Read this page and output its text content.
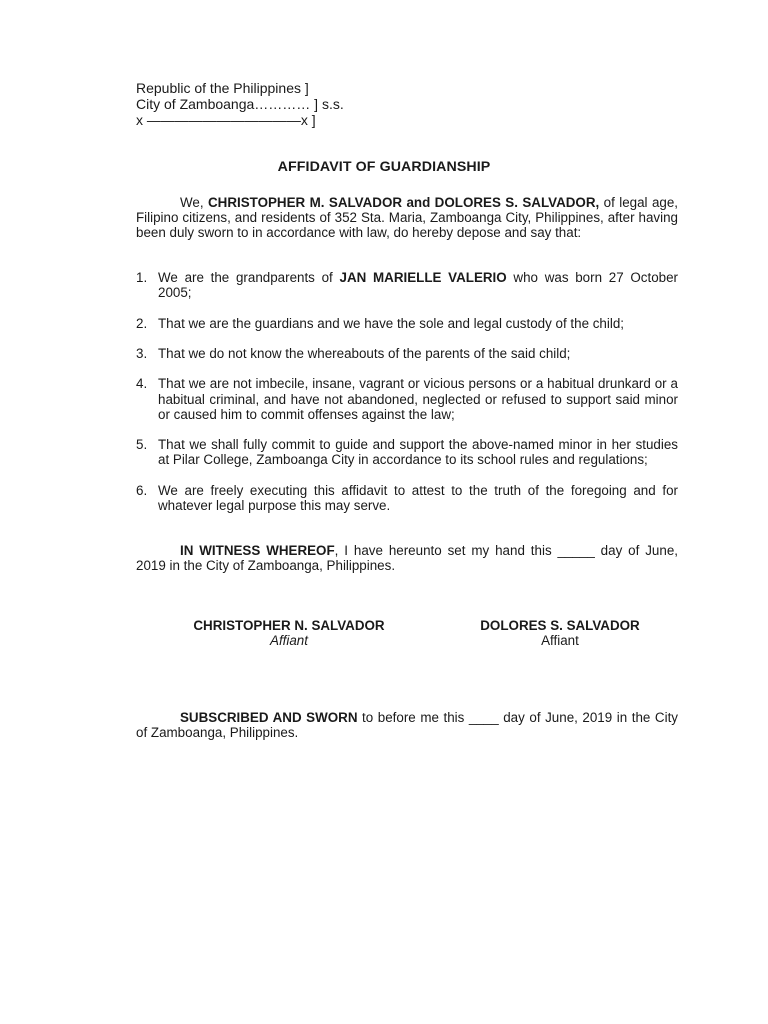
Republic of the Philippines ]
City of Zamboanga………… ] s.s.
x ———————————x ]
AFFIDAVIT OF GUARDIANSHIP
We, CHRISTOPHER M. SALVADOR and DOLORES S. SALVADOR, of legal age, Filipino citizens, and residents of 352 Sta. Maria, Zamboanga City, Philippines, after having been duly sworn to in accordance with law, do hereby depose and say that:
1. We are the grandparents of JAN MARIELLE VALERIO who was born 27 October 2005;
2. That we are the guardians and we have the sole and legal custody of the child;
3. That we do not know the whereabouts of the parents of the said child;
4. That we are not imbecile, insane, vagrant or vicious persons or a habitual drunkard or a habitual criminal, and have not abandoned, neglected or refused to support said minor or caused him to commit offenses against the law;
5. That we shall fully commit to guide and support the above-named minor in her studies at Pilar College, Zamboanga City in accordance to its school rules and regulations;
6. We are freely executing this affidavit to attest to the truth of the foregoing and for whatever legal purpose this may serve.
IN WITNESS WHEREOF, I have hereunto set my hand this _____ day of June, 2019 in the City of Zamboanga, Philippines.
CHRISTOPHER N. SALVADOR
Affiant
DOLORES S. SALVADOR
Affiant
SUBSCRIBED AND SWORN to before me this ____ day of June, 2019 in the City of Zamboanga, Philippines.
